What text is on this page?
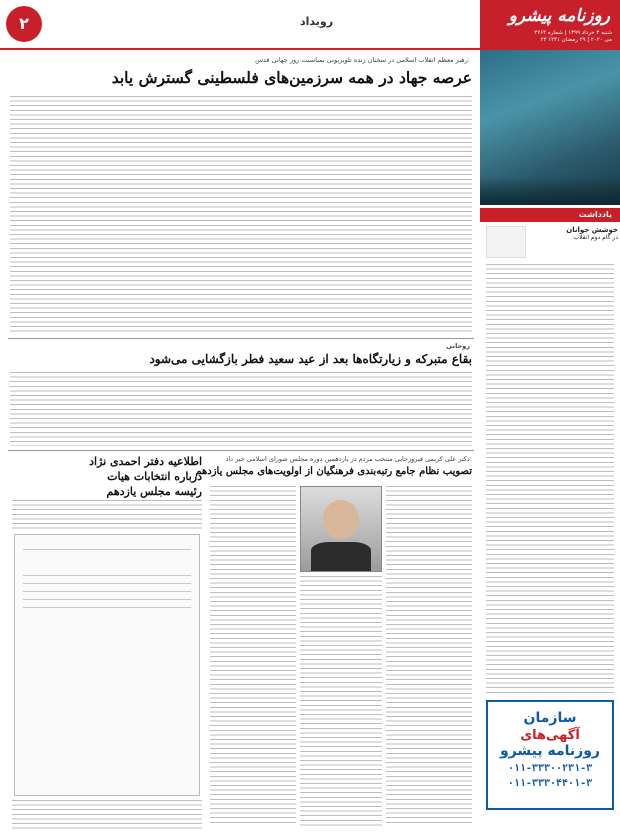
۲	رویداد	روزنامه پیشرو
شنبه ۳ خرداد ۱۳۹۹ | شماره ۲۷۶۴
۲۳ می ۲۰۲۰ | ۲۹ رمضان ۱۴۴۱
یادداشت
خوشش جوانان
در گام دوم انقلاب
سازمان
آگهی‌های
روزنامه پیشرو
۰۱۱-۳۳۳۰۰۲۳۱-۳
۰۱۱-۳۳۳۰۴۴۰۱-۳
رهبر معظم انقلاب اسلامی در سخنان زنده تلویزیونی بمناسبت روز جهانی قدس:
عرصه جهاد در همه سرزمین‌های فلسطینی گسترش یابد
روحانی
بقاع متبرکه و زیارتگاه‌ها بعد از عید سعید فطر بازگشایی می‌شود
دکتر علی کریمی فیروزجایی منتخب مردم در یازدهمین دوره مجلس شورای اسلامی خبر داد:
تصویب نظام جامع رتبه‌بندی فرهنگیان از اولویت‌های مجلس یازدهم
اطلاعیه دفتر احمدی نژاد
درباره انتخابات هیات
رئیسه مجلس یازدهم
